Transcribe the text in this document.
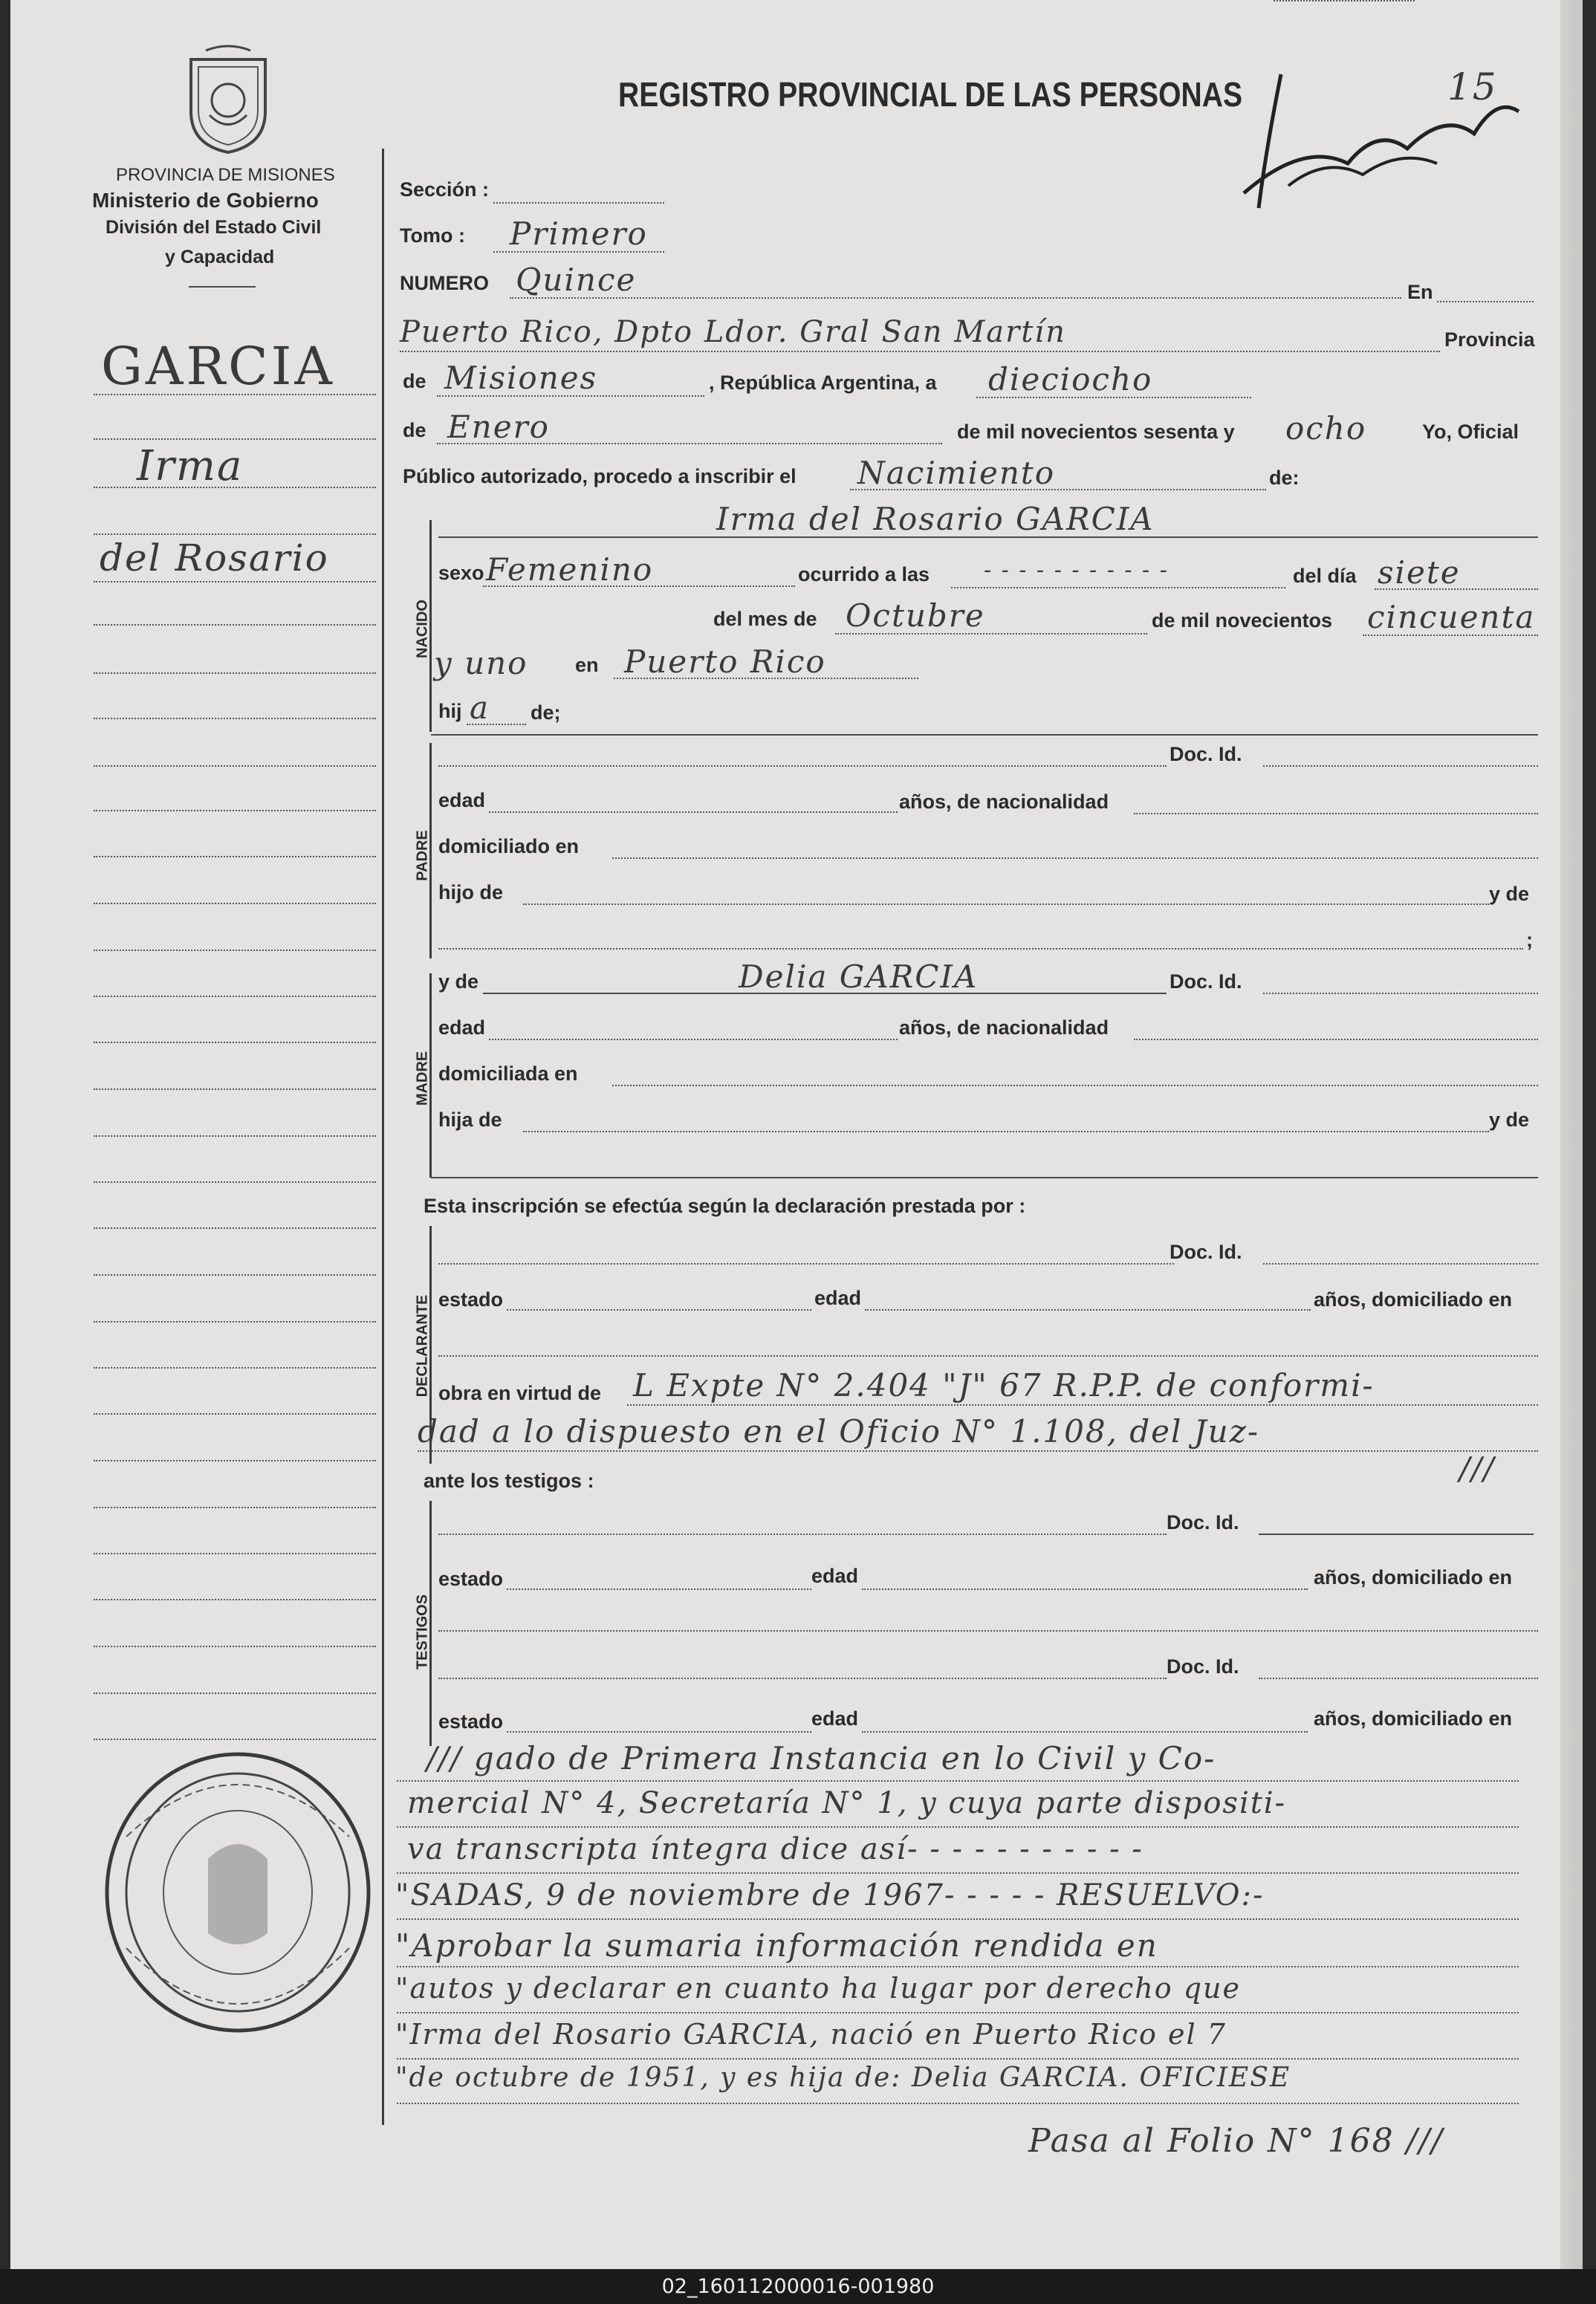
PROVINCIA DE MISIONES
Ministerio de Gobierno
División del Estado Civil
y Capacidad
REGISTRO PROVINCIAL DE LAS PERSONAS	15
GARCIA
Irma
del Rosario
Sección :
Tomo : Primero
NUMERO Quince	En
Puerto Rico, Dpto Ldor. Gral San Martín	Provincia
de Misiones	, República Argentina, a dieciocho
de Enero	de mil novecientos sesenta y ocho	Yo, Oficial
Público autorizado, procedo a inscribir el Nacimiento	de:
NACIDO
Irma del Rosario GARCIA
sexo Femenino	ocurrido a las - - - - - - - - - - -	del día siete
del mes de Octubre	de mil novecientos cincuenta
y uno en Puerto Rico
hij a de;
PADRE
Doc. Id.
edad	años, de nacionalidad
domiciliado en
hijo de	y de
;
MADRE
y de	Delia GARCIA	Doc. Id.
edad	años, de nacionalidad
domiciliada en
hija de	y de
Esta inscripción se efectúa según la declaración prestada por :
DECLARANTE
Doc. Id.
estado	edad	años, domiciliado en
obra en virtud de L Expte N° 2.404 "J" 67 R.P.P. de conformi-
dad a lo dispuesto en el Oficio N° 1.108, del Juz-
ante los testigos :	///
TESTIGOS
Doc. Id.
estado	edad	años, domiciliado en
Doc. Id.
estado	edad	años, domiciliado en
/// gado de Primera Instancia en lo Civil y Co-
mercial N° 4, Secretaría N° 1, y cuya parte dispositi-
va transcripta íntegra dice así- - - - - - - - - - -
"SADAS, 9 de noviembre de 1967- - - - - RESUELVO:-
"Aprobar la sumaria información rendida en
"autos y declarar en cuanto ha lugar por derecho que
"Irma del Rosario GARCIA, nació en Puerto Rico el 7
"de octubre de 1951, y es hija de: Delia GARCIA. OFICIESE
Pasa al Folio N° 168 ///
02_160112000016-001980
